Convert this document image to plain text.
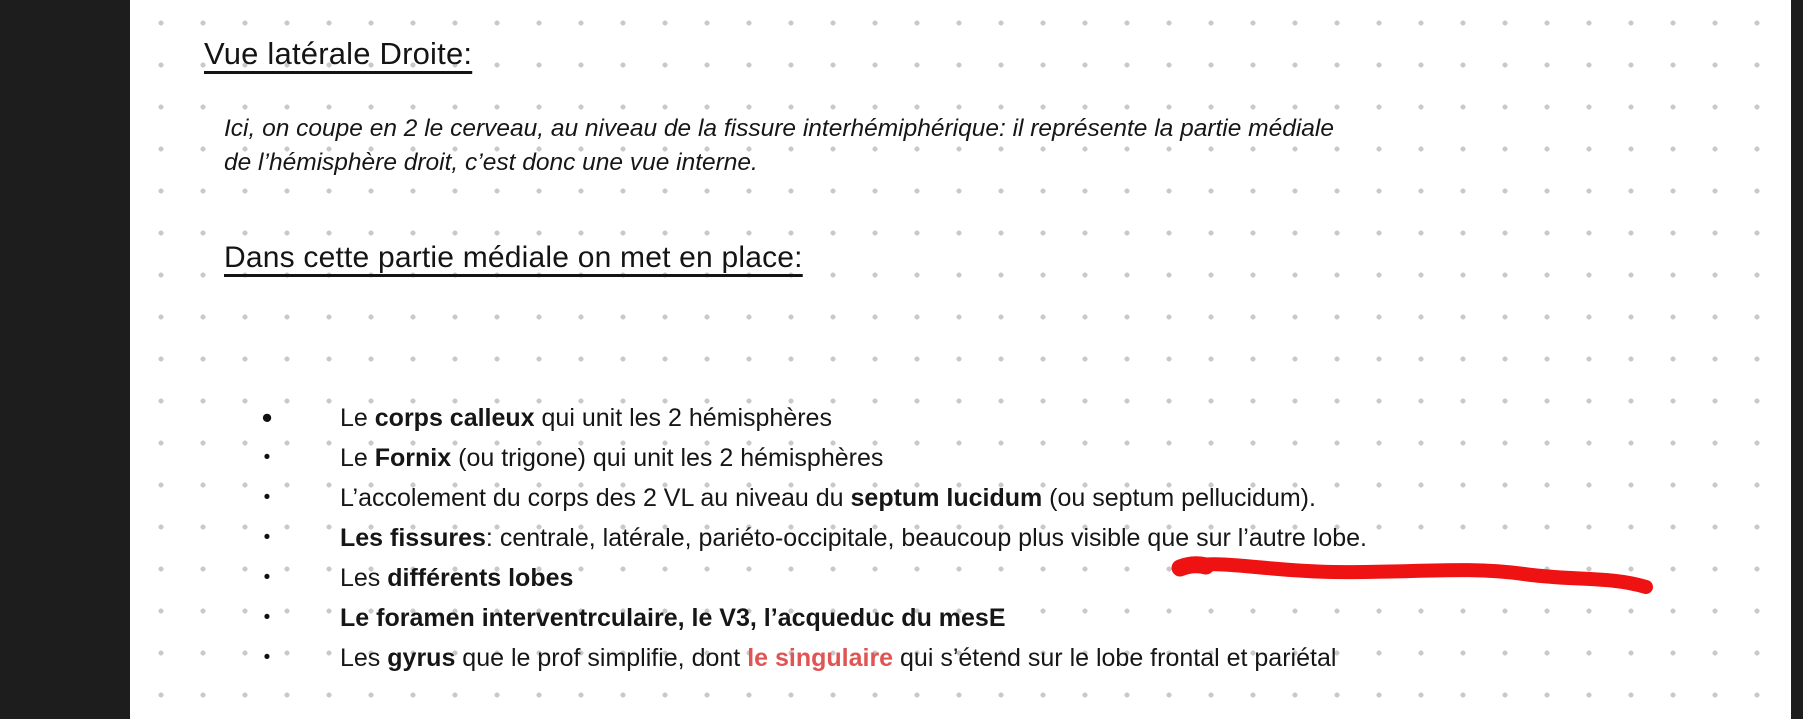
Vue latérale Droite:
Ici, on coupe en 2 le cerveau, au niveau de la fissure interhémiphérique: il représente la partie médiale
de l’hémisphère droit, c’est donc une vue interne.
Dans cette partie médiale on met en place:
•	Le corps calleux qui unit les 2 hémisphères
•	Le Fornix (ou trigone) qui unit les 2 hémisphères
•	L’accolement du corps des 2 VL au niveau du septum lucidum (ou septum pellucidum).
•	Les fissures: centrale, latérale, pariéto-occipitale, beaucoup plus visible que sur l’autre lobe.
•	Les différents lobes
•	Le foramen interventrculaire, le V3, l’acqueduc du mesE
•	Les gyrus que le prof simplifie, dont le singulaire qui s’étend sur le lobe frontal et pariétal
